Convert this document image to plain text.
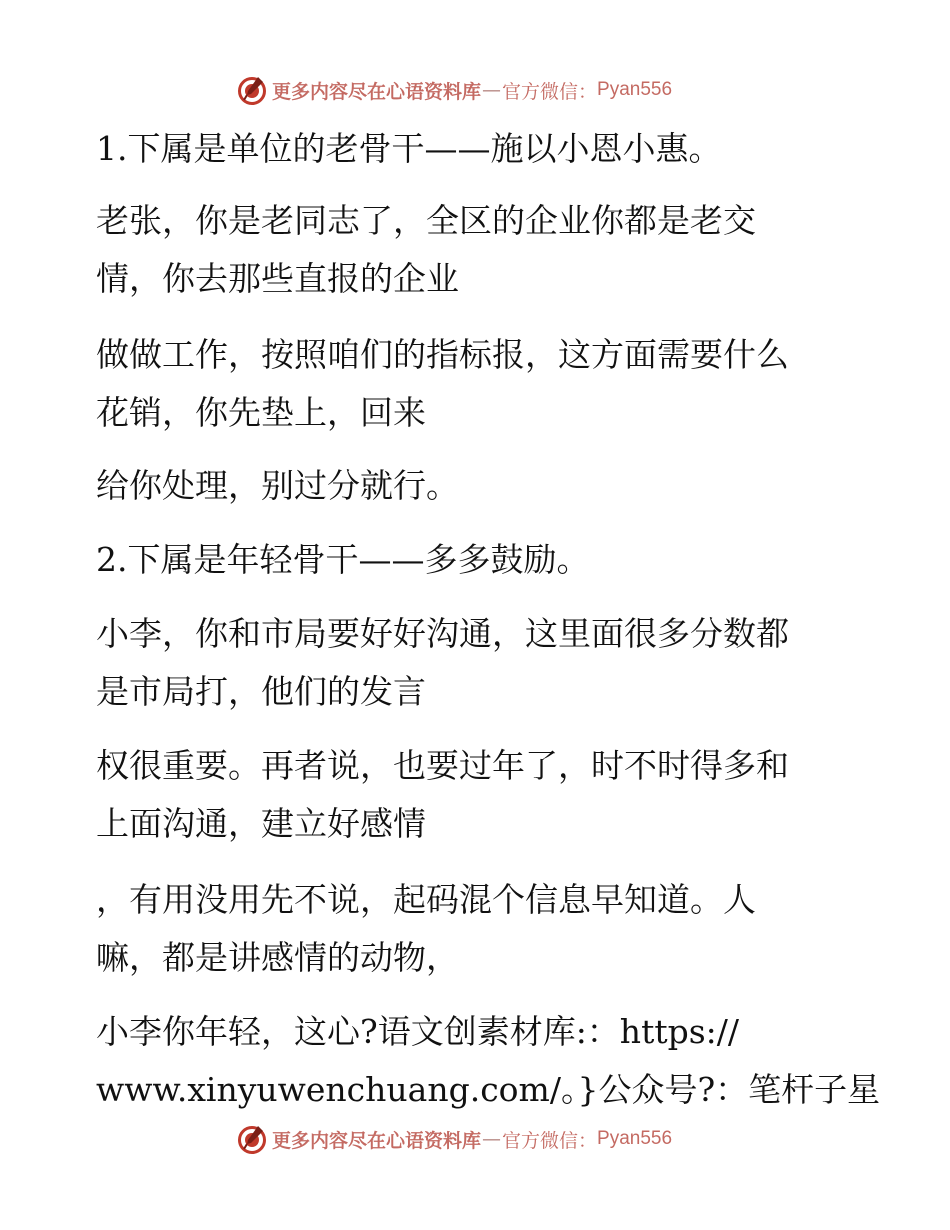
更多内容尽在心语资料库 — 官方微信： Pyan556
1.下属是单位的老骨干——施以小恩小惠。
老张，你是老同志了，全区的企业你都是老交
情，你去那些直报的企业
做做工作，按照咱们的指标报，这方面需要什么
花销，你先垫上，回来
给你处理，别过分就行。
2.下属是年轻骨干——多多鼓励。
小李，你和市局要好好沟通，这里面很多分数都
是市局打，他们的发言
权很重要。再者说，也要过年了，时不时得多和
上面沟通，建立好感情
，有用没用先不说，起码混个信息早知道。人
嘛，都是讲感情的动物，
小李你年轻，这心?语文创素材库:：https://
www.xinyuwenchuang.com/。}公众号?：笔杆子星
更多内容尽在心语资料库 — 官方微信： Pyan556
